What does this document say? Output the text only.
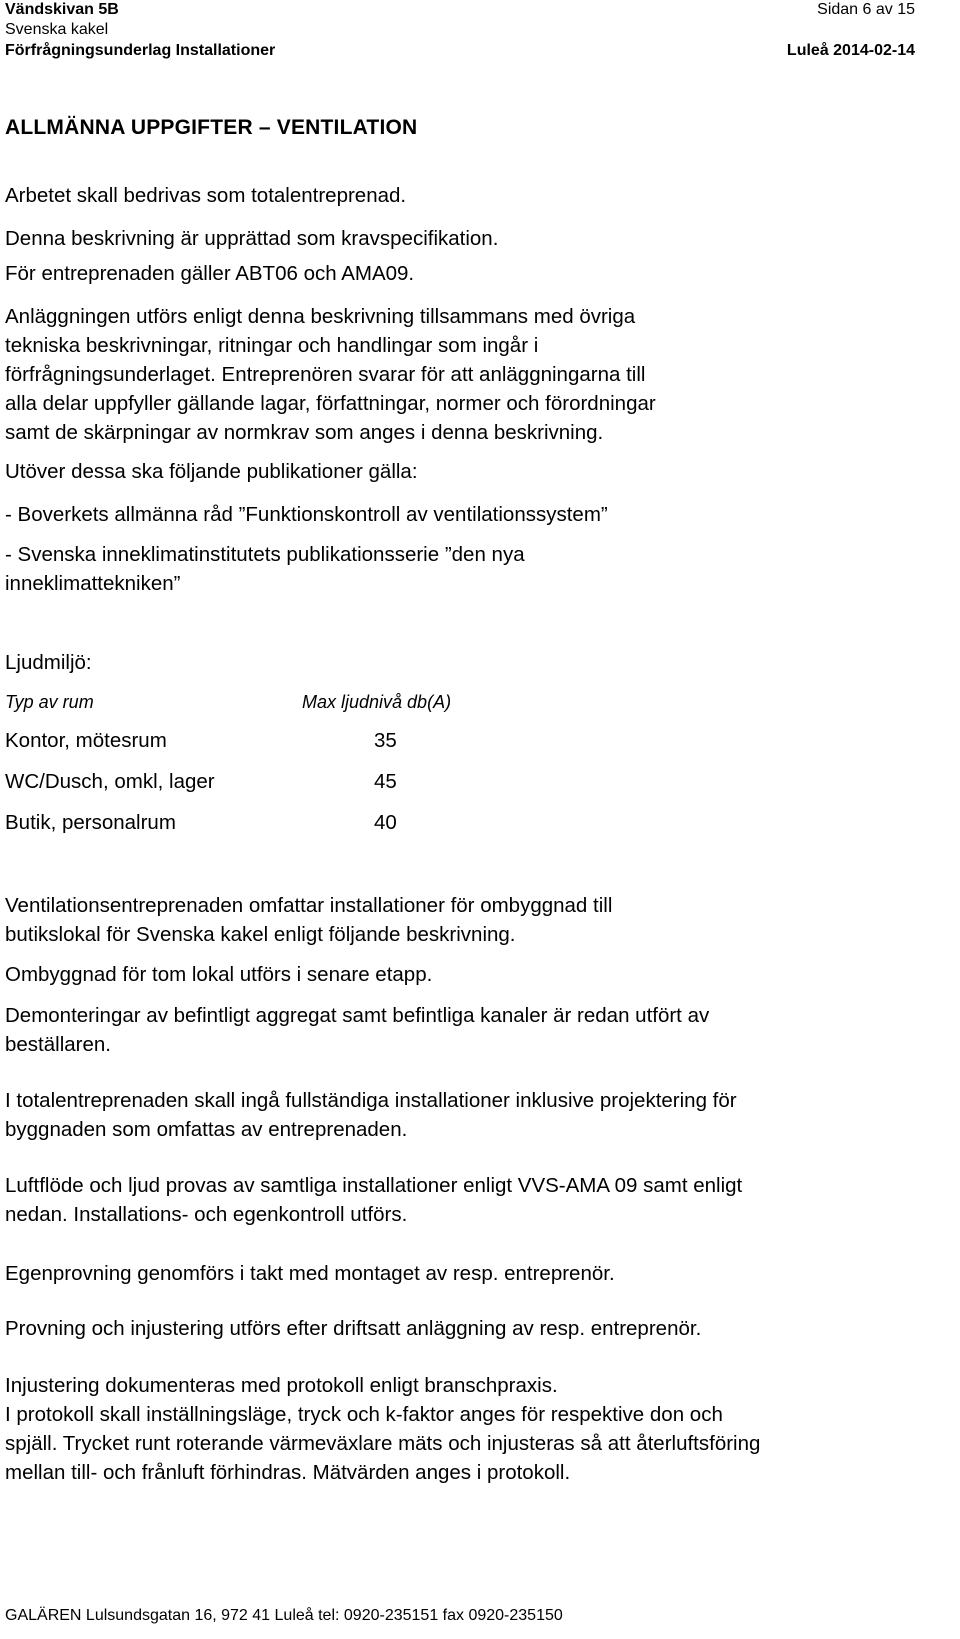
Vändskivan 5B	Sidan 6 av 15
Svenska kakel
Förfrågningsunderlag Installationer	Luleå 2014-02-14
ALLMÄNNA UPPGIFTER – VENTILATION
Arbetet skall bedrivas som totalentreprenad.
Denna beskrivning är upprättad som kravspecifikation.
För entreprenaden gäller ABT06 och AMA09.
Anläggningen utförs enligt denna beskrivning tillsammans med övriga
tekniska beskrivningar, ritningar och handlingar som ingår i
förfrågningsunderlaget. Entreprenören svarar för att anläggningarna till
alla delar uppfyller gällande lagar, författningar, normer och förordningar
samt de skärpningar av normkrav som anges i denna beskrivning.
Utöver dessa ska följande publikationer gälla:
- Boverkets allmänna råd ”Funktionskontroll av ventilationssystem”
- Svenska inneklimatinstitutets publikationsserie ”den nya
inneklimattekniken”
Ljudmiljö:
Typ av rum	Max ljudnivå db(A)
Kontor, mötesrum	35
WC/Dusch, omkl, lager	45
Butik, personalrum	40
Ventilationsentreprenaden omfattar installationer för ombyggnad till
butikslokal för Svenska kakel enligt följande beskrivning.
Ombyggnad för tom lokal utförs i senare etapp.
Demonteringar av befintligt aggregat samt befintliga kanaler är redan utfört av
beställaren.
I totalentreprenaden skall ingå fullständiga installationer inklusive projektering för
byggnaden som omfattas av entreprenaden.
Luftflöde och ljud provas av samtliga installationer enligt VVS-AMA 09 samt enligt
nedan. Installations- och egenkontroll utförs.
Egenprovning genomförs i takt med montaget av resp. entreprenör.
Provning och injustering utförs efter driftsatt anläggning av resp. entreprenör.
Injustering dokumenteras med protokoll enligt branschpraxis.
I protokoll skall inställningsläge, tryck och k-faktor anges för respektive don och
spjäll. Trycket runt roterande värmeväxlare mäts och injusteras så att återluftsföring
mellan till- och frånluft förhindras. Mätvärden anges i protokoll.
GALÄREN Lulsundsgatan 16, 972 41 Luleå tel: 0920-235151 fax 0920-235150
